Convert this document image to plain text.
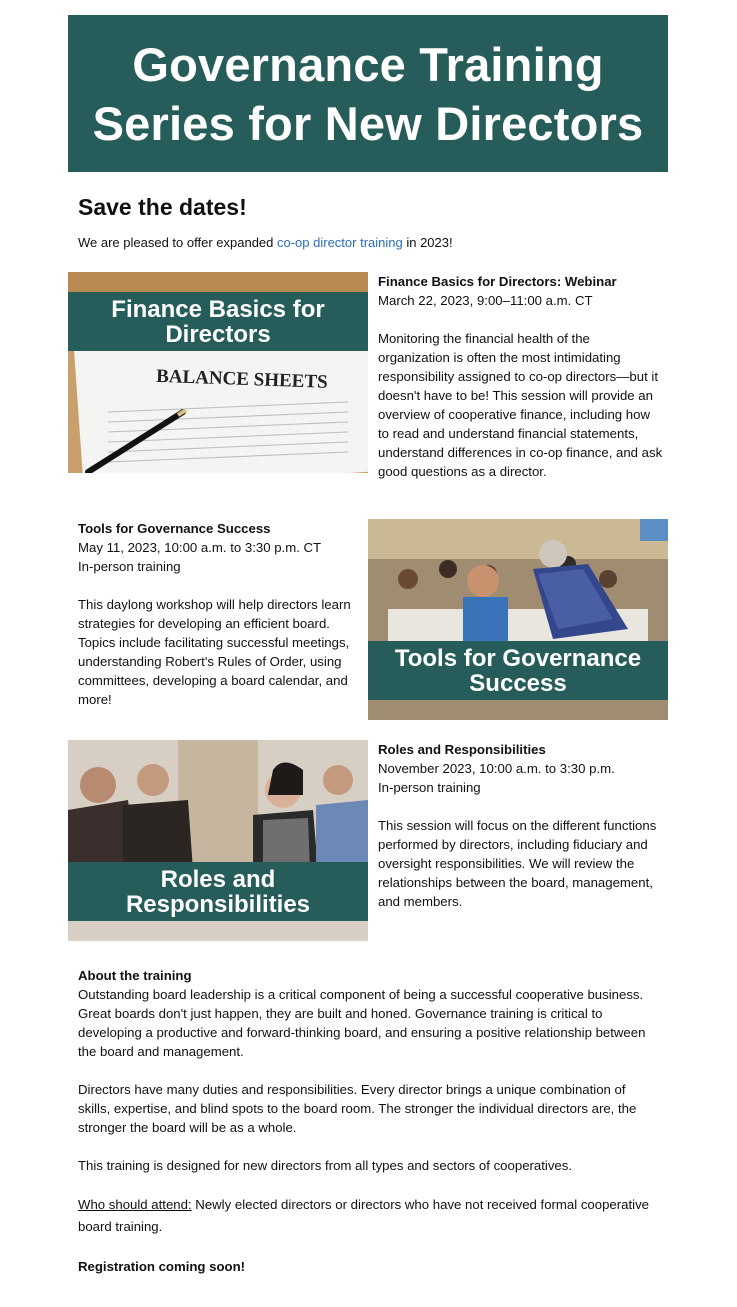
Governance Training Series for New Directors
Save the dates!
We are pleased to offer expanded co-op director training in 2023!
BALANCE SHEETS
Finance Basics for Directors

Finance Basics for Directors: Webinar

March 22, 2023, 9:00–11:00 a.m. CT

Monitoring the financial health of the organization is often the most intimidating responsibility assigned to co-op directors—but it doesn't have to be! This session will provide an overview of cooperative finance, including how to read and understand financial statements, understand differences in co-op finance, and ask good questions as a director.

Tools for Governance Success

May 11, 2023, 10:00 a.m. to 3:30 p.m. CT

In-person training

This daylong workshop will help directors learn strategies for developing an efficient board. Topics include facilitating successful meetings, understanding Robert's Rules of Order, using committees, developing a board calendar, and more!

Tools for Governance Success
Roles and Responsibilities

Roles and Responsibilities

November 2023, 10:00 a.m. to 3:30 p.m.

In-person training

This session will focus on the different functions performed by directors, including fiduciary and oversight responsibilities. We will review the relationships between the board, management, and members.

About the training

Outstanding board leadership is a critical component of being a successful cooperative business. Great boards don't just happen, they are built and honed. Governance training is critical to developing a productive and forward-thinking board, and ensuring a positive relationship between the board and management.

Directors have many duties and responsibilities. Every director brings a unique combination of skills, expertise, and blind spots to the board room. The stronger the individual directors are, the stronger the board will be as a whole.

This training is designed for new directors from all types and sectors of cooperatives.

Who should attend: Newly elected directors or directors who have not received formal cooperative board training.

Registration coming soon!
